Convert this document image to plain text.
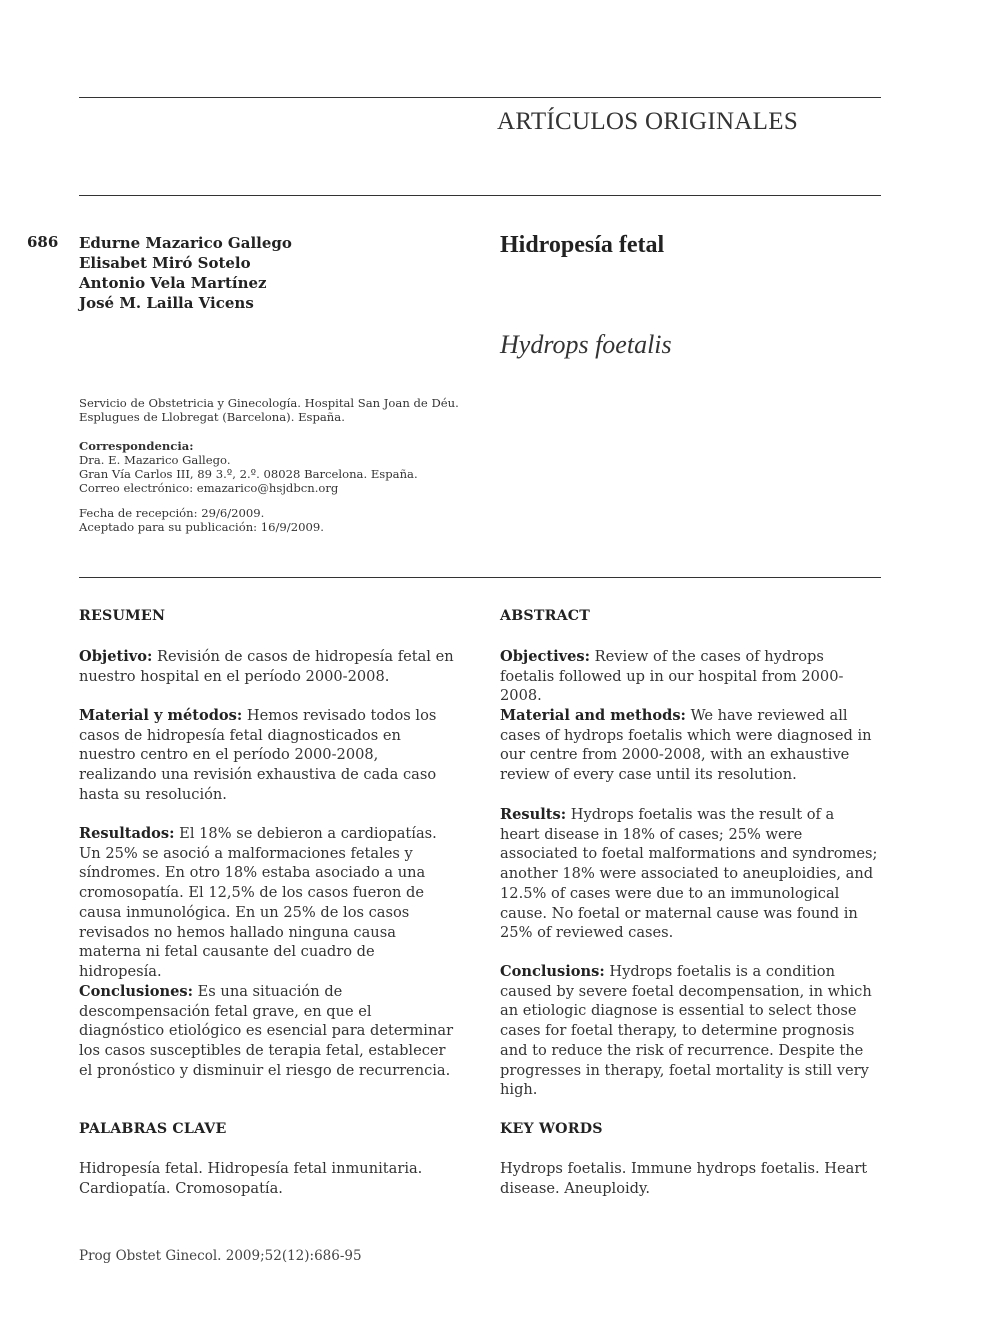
ARTÍCULOS ORIGINALES
686 Edurne Mazarico Gallego
Elisabet Miró Sotelo
Antonio Vela Martínez
José M. Lailla Vicens
Hidropesía fetal
Hydrops foetalis
Servicio de Obstetricia y Ginecología. Hospital San Joan de Déu.
Esplugues de Llobregat (Barcelona). España.
Correspondencia:
Dra. E. Mazarico Gallego.
Gran Vía Carlos III, 89 3.º, 2.º. 08028 Barcelona. España.
Correo electrónico: emazarico@hsjdbcn.org
Fecha de recepción: 29/6/2009.
Aceptado para su publicación: 16/9/2009.
RESUMEN

Objetivo: Revisión de casos de hidropesía fetal en nuestro hospital en el período 2000-2008.

Material y métodos: Hemos revisado todos los casos de hidropesía fetal diagnosticados en nuestro centro en el período 2000-2008, realizando una revisión exhaustiva de cada caso hasta su resolución.

Resultados: El 18% se debieron a cardiopatías. Un 25% se asoció a malformaciones fetales y síndromes. En otro 18% estaba asociado a una cromosopatía. El 12,5% de los casos fueron de causa inmunológica. En un 25% de los casos revisados no hemos hallado ninguna causa materna ni fetal causante del cuadro de hidropesía.

Conclusiones: Es una situación de descompensación fetal grave, en que el diagnóstico etiológico es esencial para determinar los casos susceptibles de terapia fetal, establecer el pronóstico y disminuir el riesgo de recurrencia.

PALABRAS CLAVE

Hidropesía fetal. Hidropesía fetal inmunitaria. Cardiopatía. Cromosopatía.

ABSTRACT

Objectives: Review of the cases of hydrops foetalis followed up in our hospital from 2000-2008.

Material and methods: We have reviewed all cases of hydrops foetalis which were diagnosed in our centre from 2000-2008, with an exhaustive review of every case until its resolution.

Results: Hydrops foetalis was the result of a heart disease in 18% of cases; 25% were associated to foetal malformations and syndromes; another 18% were associated to aneuploidies, and 12.5% of cases were due to an immunological cause. No foetal or maternal cause was found in 25% of reviewed cases.

Conclusions: Hydrops foetalis is a condition caused by severe foetal decompensation, in which an etiologic diagnose is essential to select those cases for foetal therapy, to determine prognosis and to reduce the risk of recurrence. Despite the progresses in therapy, foetal mortality is still very high.

KEY WORDS

Hydrops foetalis. Immune hydrops foetalis. Heart disease. Aneuploidy.

Prog Obstet Ginecol. 2009;52(12):686-95
